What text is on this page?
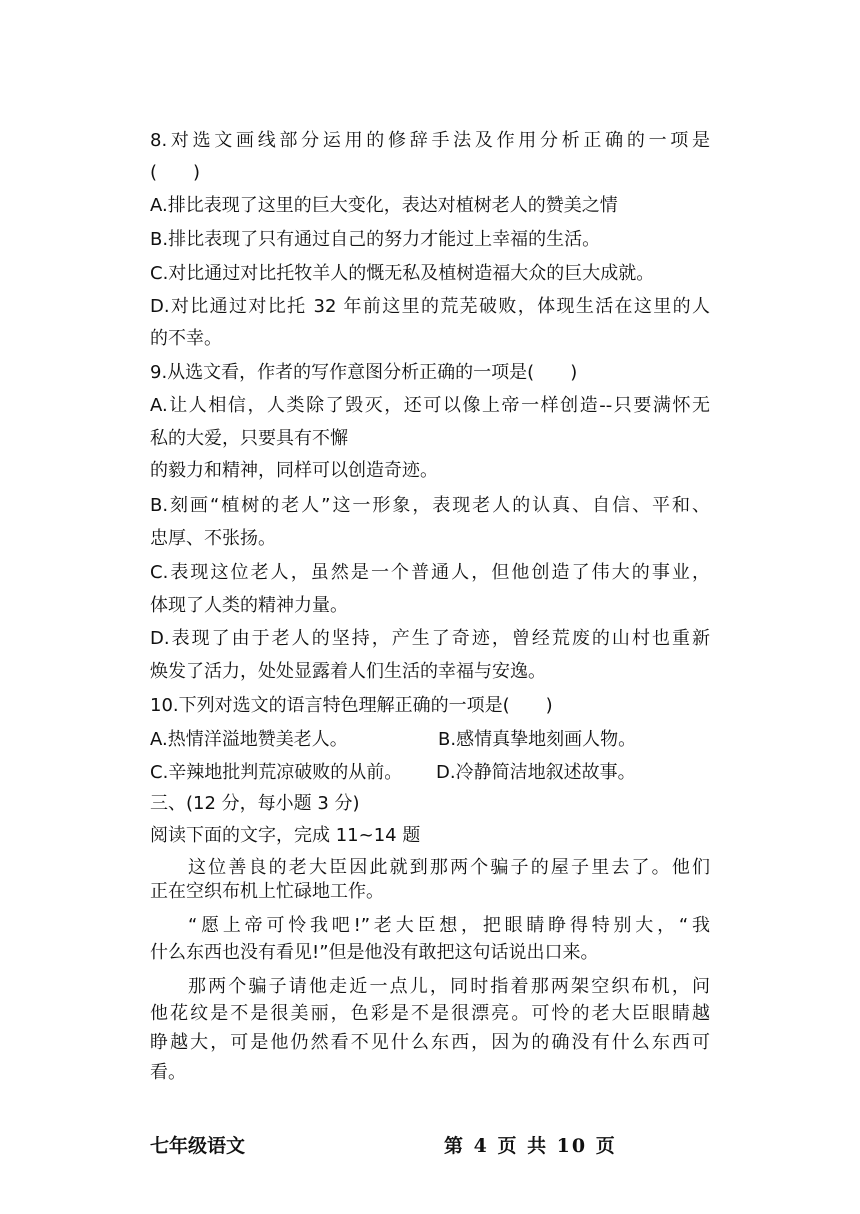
8.对选文画线部分运用的修辞手法及作用分析正确的一项是
(　　)
A.排比表现了这里的巨大变化，表达对植树老人的赞美之情
B.排比表现了只有通过自己的努力才能过上幸福的生活。
C.对比通过对比托牧羊人的慨无私及植树造福大众的巨大成就。
D.对比通过对比托 32 年前这里的荒芜破败，体现生活在这里的人
的不幸。
9.从选文看，作者的写作意图分析正确的一项是(　　)
A.让人相信，人类除了毁灭，还可以像上帝一样创造--只要满怀无
私的大爱，只要具有不懈
的毅力和精神，同样可以创造奇迹。
B.刻画“植树的老人”这一形象，表现老人的认真、自信、平和、
忠厚、不张扬。
C.表现这位老人，虽然是一个普通人，但他创造了伟大的事业，
体现了人类的精神力量。
D.表现了由于老人的坚持，产生了奇迹，曾经荒废的山村也重新
焕发了活力，处处显露着人们生活的幸福与安逸。
10.下列对选文的语言特色理解正确的一项是(　　)
A.热情洋溢地赞美老人。	B.感情真挚地刻画人物。
C.辛辣地批判荒凉破败的从前。 D.冷静简洁地叙述故事。
三、(12 分，每小题 3 分)
阅读下面的文字，完成 11~14 题
这位善良的老大臣因此就到那两个骗子的屋子里去了。他们
正在空织布机上忙碌地工作。
“愿上帝可怜我吧!”老大臣想，把眼睛睁得特别大，“我
什么东西也没有看见!”但是他没有敢把这句话说出口来。
那两个骗子请他走近一点儿，同时指着那两架空织布机，问
他花纹是不是很美丽，色彩是不是很漂亮。可怜的老大臣眼睛越
睁越大，可是他仍然看不见什么东西，因为的确没有什么东西可
看。
七年级语文	第 4 页 共 10 页
